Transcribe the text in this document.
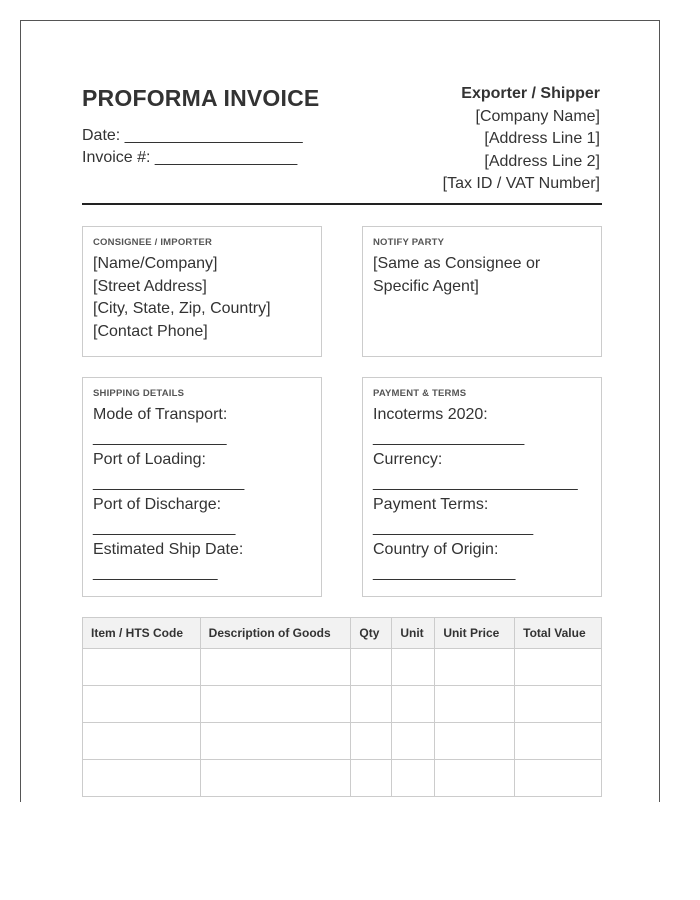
PROFORMA INVOICE
Date: ____________________
Invoice #: ________________
Exporter / Shipper
[Company Name]
[Address Line 1]
[Address Line 2]
[Tax ID / VAT Number]
CONSIGNEE / IMPORTER
[Name/Company]
[Street Address]
[City, State, Zip, Country]
[Contact Phone]
NOTIFY PARTY
[Same as Consignee or
Specific Agent]
SHIPPING DETAILS
Mode of Transport:
_______________
Port of Loading:
_________________
Port of Discharge:
________________
Estimated Ship Date:
______________
PAYMENT & TERMS
Incoterms 2020:
_________________
Currency:
_______________________
Payment Terms:
__________________
Country of Origin:
________________
Item / HTS Code	Description of Goods	Qty	Unit	Unit Price	Total Value
